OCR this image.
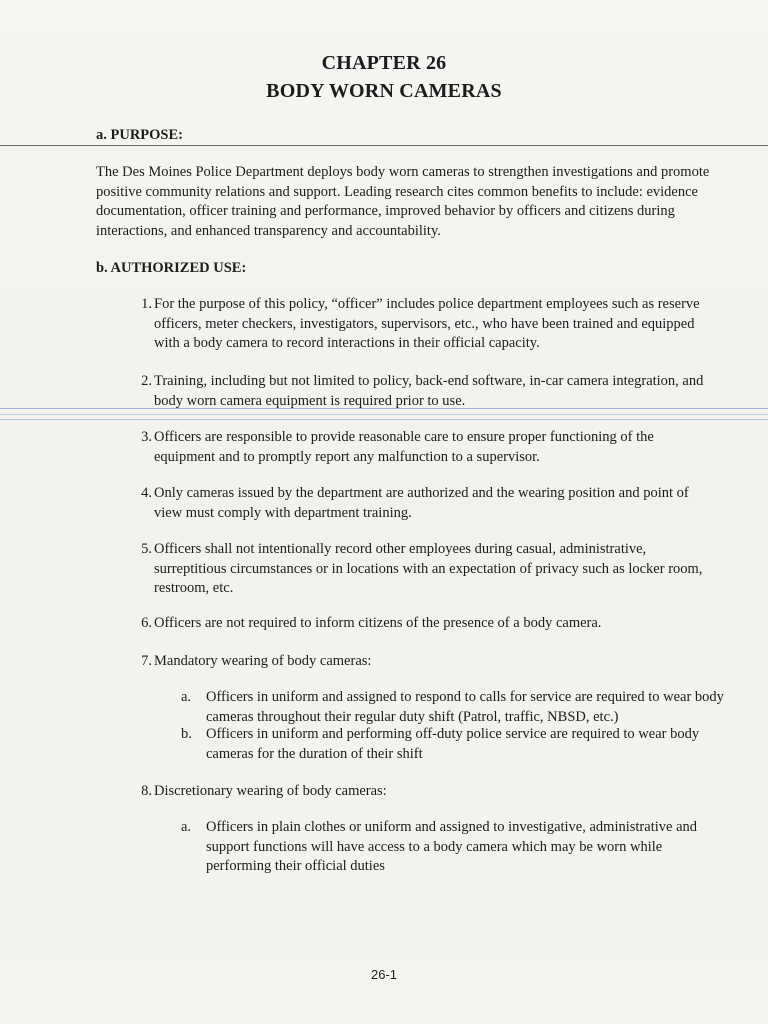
CHAPTER 26
BODY WORN CAMERAS
a. PURPOSE:

The Des Moines Police Department deploys body worn cameras to strengthen investigations and promote positive community relations and support. Leading research cites common benefits to include: evidence documentation, officer training and performance, improved behavior by officers and citizens during interactions, and enhanced transparency and accountability.

b. AUTHORIZED USE:
1. For the purpose of this policy, “officer” includes police department employees such as reserve officers, meter checkers, investigators, supervisors, etc., who have been trained and equipped with a body camera to record interactions in their official capacity.
2. Training, including but not limited to policy, back-end software, in-car camera integration, and body worn camera equipment is required prior to use.
3. Officers are responsible to provide reasonable care to ensure proper functioning of the equipment and to promptly report any malfunction to a supervisor.
4. Only cameras issued by the department are authorized and the wearing position and point of view must comply with department training.
5. Officers shall not intentionally record other employees during casual, administrative, surreptitious circumstances or in locations with an expectation of privacy such as locker room, restroom, etc.
6. Officers are not required to inform citizens of the presence of a body camera.
7. Mandatory wearing of body cameras:
a.	Officers in uniform and assigned to respond to calls for service are required to wear body cameras throughout their regular duty shift (Patrol, traffic, NBSD, etc.)
b. Officers in uniform and performing off-duty police service are required to wear body cameras for the duration of their shift
8. Discretionary wearing of body cameras:
a.	Officers in plain clothes or uniform and assigned to investigative, administrative and support functions will have access to a body camera which may be worn while performing their official duties

26-1
